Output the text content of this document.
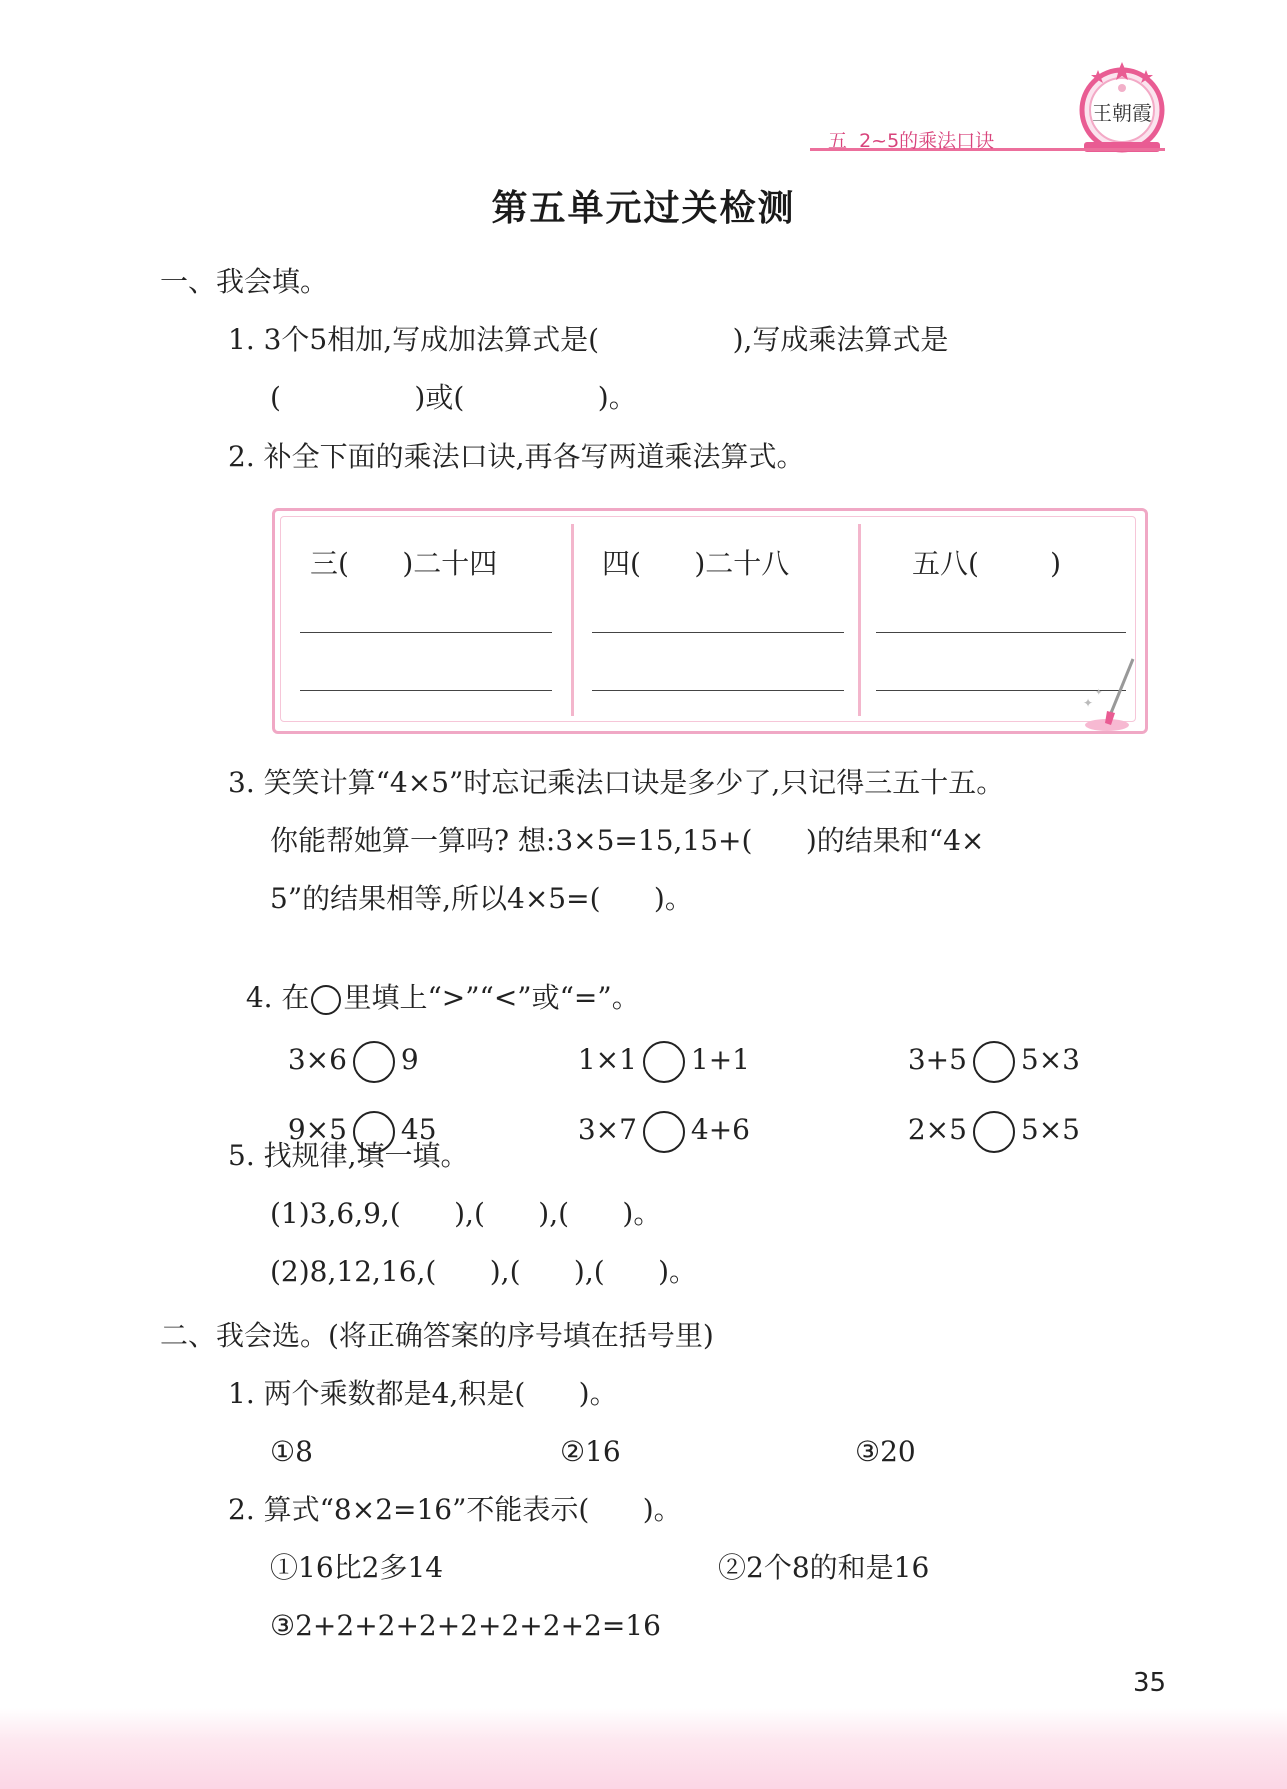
王朝霞
五  2~5的乘法口诀
第五单元过关检测
一、我会填。
1. 3个5相加,写成加法算式是(               ),写成乘法算式是
(               )或(               )。
2. 补全下面的乘法口诀,再各写两道乘法算式。
三(      )二十四	四(      )二十八	五八(        )
✦
✦
3. 笑笑计算“4×5”时忘记乘法口诀是多少了,只记得三五十五。
你能帮她算一算吗? 想:3×5=15,15+(      )的结果和“4×
5”的结果相等,所以4×5=(      )。

4. 在 里填上“>”“<”或“=”。

3×6 9	1×1 1+1	3+5 5×3

9×5 45	3×7 4+6	2×5 5×5

5. 找规律,填一填。
(1)3,6,9,(      ),(      ),(      )。
(2)8,12,16,(      ),(      ),(      )。
二、我会选。(将正确答案的序号填在括号里)
1. 两个乘数都是4,积是(      )。
①8	②16	③20
2. 算式“8×2=16”不能表示(      )。
①16比2多14	②2个8的和是16
③2+2+2+2+2+2+2+2=16
35
